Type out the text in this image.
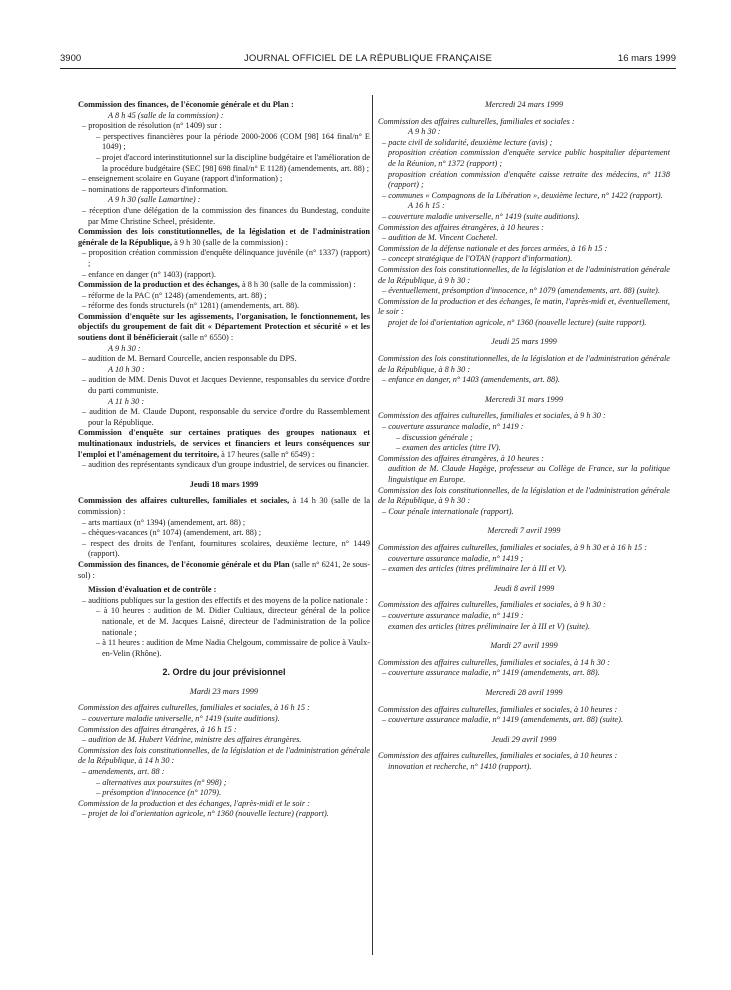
3900	JOURNAL OFFICIEL DE LA RÉPUBLIQUE FRANÇAISE	16 mars 1999

Commission des finances, de l'économie générale et du Plan :

A 8 h 45 (salle de la commission) :

– proposition de résolution (n° 1409) sur :

– perspectives financières pour la période 2000-2006 (COM [98] 164 final/n° E 1049) ;

– projet d'accord interinstitutionnel sur la discipline budgétaire et l'amélioration de la procédure budgétaire (SEC [98] 698 final/n° E 1128) (amendements, art. 88) ;

– enseignement scolaire en Guyane (rapport d'information) ;

– nominations de rapporteurs d'information.

A 9 h 30 (salle Lamartine) :

– réception d'une délégation de la commission des finances du Bundestag, conduite par Mme Christine Scheel, présidente.

Commission des lois constitutionnelles, de la législation et de l'administration générale de la République, à 9 h 30 (salle de la commission) :

– proposition création commission d'enquête délinquance juvénile (n° 1337) (rapport) ;

– enfance en danger (n° 1403) (rapport).

Commission de la production et des échanges, à 8 h 30 (salle de la commission) :

– réforme de la PAC (n° 1248) (amendements, art. 88) ;

– réforme des fonds structurels (n° 1281) (amendements, art. 88).

Commission d'enquête sur les agissements, l'organisation, le fonctionnement, les objectifs du groupement de fait dit « Département Protection et sécurité » et les soutiens dont il bénéficierait (salle n° 6550) :

A 9 h 30 :

– audition de M. Bernard Courcelle, ancien responsable du DPS.

A 10 h 30 :

– audition de MM. Denis Duvot et Jacques Devienne, responsables du service d'ordre du parti communiste.

A 11 h 30 :

– audition de M. Claude Dupont, responsable du service d'ordre du Rassemblement pour la République.

Commission d'enquête sur certaines pratiques des groupes nationaux et multinationaux industriels, de services et financiers et leurs conséquences sur l'emploi et l'aménagement du territoire, à 17 heures (salle n° 6549) :

– audition des représentants syndicaux d'un groupe industriel, de services ou financier.

Jeudi 18 mars 1999

Commission des affaires culturelles, familiales et sociales, à 14 h 30 (salle de la commission) :

– arts martiaux (n° 1394) (amendement, art. 88) ;

– chèques-vacances (n° 1074) (amendement, art. 88) ;

– respect des droits de l'enfant, fournitures scolaires, deuxième lecture, n° 1449 (rapport).

Commission des finances, de l'économie générale et du Plan (salle n° 6241, 2e sous-sol) :

Mission d'évaluation et de contrôle :

– auditions publiques sur la gestion des effectifs et des moyens de la police nationale :

– à 10 heures : audition de M. Didier Cultiaux, directeur général de la police nationale, et de M. Jacques Laisné, directeur de l'administration de la police nationale ;

– à 11 heures : audition de Mme Nadia Chelgoum, commissaire de police à Vaulx-en-Velin (Rhône).

2. Ordre du jour prévisionnel

Mardi 23 mars 1999

Commission des affaires culturelles, familiales et sociales, à 16 h 15 :

– couverture maladie universelle, n° 1419 (suite auditions).

Commission des affaires étrangères, à 16 h 15 :

– audition de M. Hubert Védrine, ministre des affaires étrangères.

Commission des lois constitutionnelles, de la législation et de l'administration générale de la République, à 14 h 30 :

– amendements, art. 88 :

– alternatives aux poursuites (n° 998) ;

– présomption d'innocence (n° 1079).

Commission de la production et des échanges, l'après-midi et le soir :

– projet de loi d'orientation agricole, n° 1360 (nouvelle lecture) (rapport).

Mercredi 24 mars 1999

Commission des affaires culturelles, familiales et sociales :

A 9 h 30 :

– pacte civil de solidarité, deuxième lecture (avis) ;

proposition création commission d'enquête service public hospitalier département de la Réunion, n° 1372 (rapport) ;

proposition création commission d'enquête caisse retraite des médecins, n° 1138 (rapport) ;

– communes « Compagnons de la Libération », deuxième lecture, n° 1422 (rapport).

A 16 h 15 :

– couverture maladie universelle, n° 1419 (suite auditions).

Commission des affaires étrangères, à 10 heures :

– audition de M. Vincent Cochetel.

Commission de la défense nationale et des forces armées, à 16 h 15 :

– concept stratégique de l'OTAN (rapport d'information).

Commission des lois constitutionnelles, de la législation et de l'administration générale de la République, à 9 h 30 :

– éventuellement, présomption d'innocence, n° 1079 (amendements, art. 88) (suite).

Commission de la production et des échanges, le matin, l'après-midi et, éventuellement, le soir :

projet de loi d'orientation agricole, n° 1360 (nouvelle lecture) (suite rapport).

Jeudi 25 mars 1999

Commission des lois constitutionnelles, de la législation et de l'administration générale de la République, à 8 h 30 :

– enfance en danger, n° 1403 (amendements, art. 88).

Mercredi 31 mars 1999

Commission des affaires culturelles, familiales et sociales, à 9 h 30 :

– couverture assurance maladie, n° 1419 :

– discussion générale ;

– examen des articles (titre IV).

Commission des affaires étrangères, à 10 heures :

audition de M. Claude Hagège, professeur au Collège de France, sur la politique linguistique en Europe.

Commission des lois constitutionnelles, de la législation et de l'administration générale de la République, à 9 h 30 :

– Cour pénale internationale (rapport).

Mercredi 7 avril 1999

Commission des affaires culturelles, familiales et sociales, à 9 h 30 et à 16 h 15 :

couverture assurance maladie, n° 1419 ;

– examen des articles (titres préliminaire Ier à III et V).

Jeudi 8 avril 1999

Commission des affaires culturelles, familiales et sociales, à 9 h 30 :

– couverture assurance maladie, n° 1419 :

examen des articles (titres préliminaire Ier à III et V) (suite).

Mardi 27 avril 1999

Commission des affaires culturelles, familiales et sociales, à 14 h 30 :

– couverture assurance maladie, n° 1419 (amendements, art. 88).

Mercredi 28 avril 1999

Commission des affaires culturelles, familiales et sociales, à 10 heures :

– couverture assurance maladie, n° 1419 (amendements, art. 88) (suite).

Jeudi 29 avril 1999

Commission des affaires culturelles, familiales et sociales, à 10 heures :

innovation et recherche, n° 1410 (rapport).
